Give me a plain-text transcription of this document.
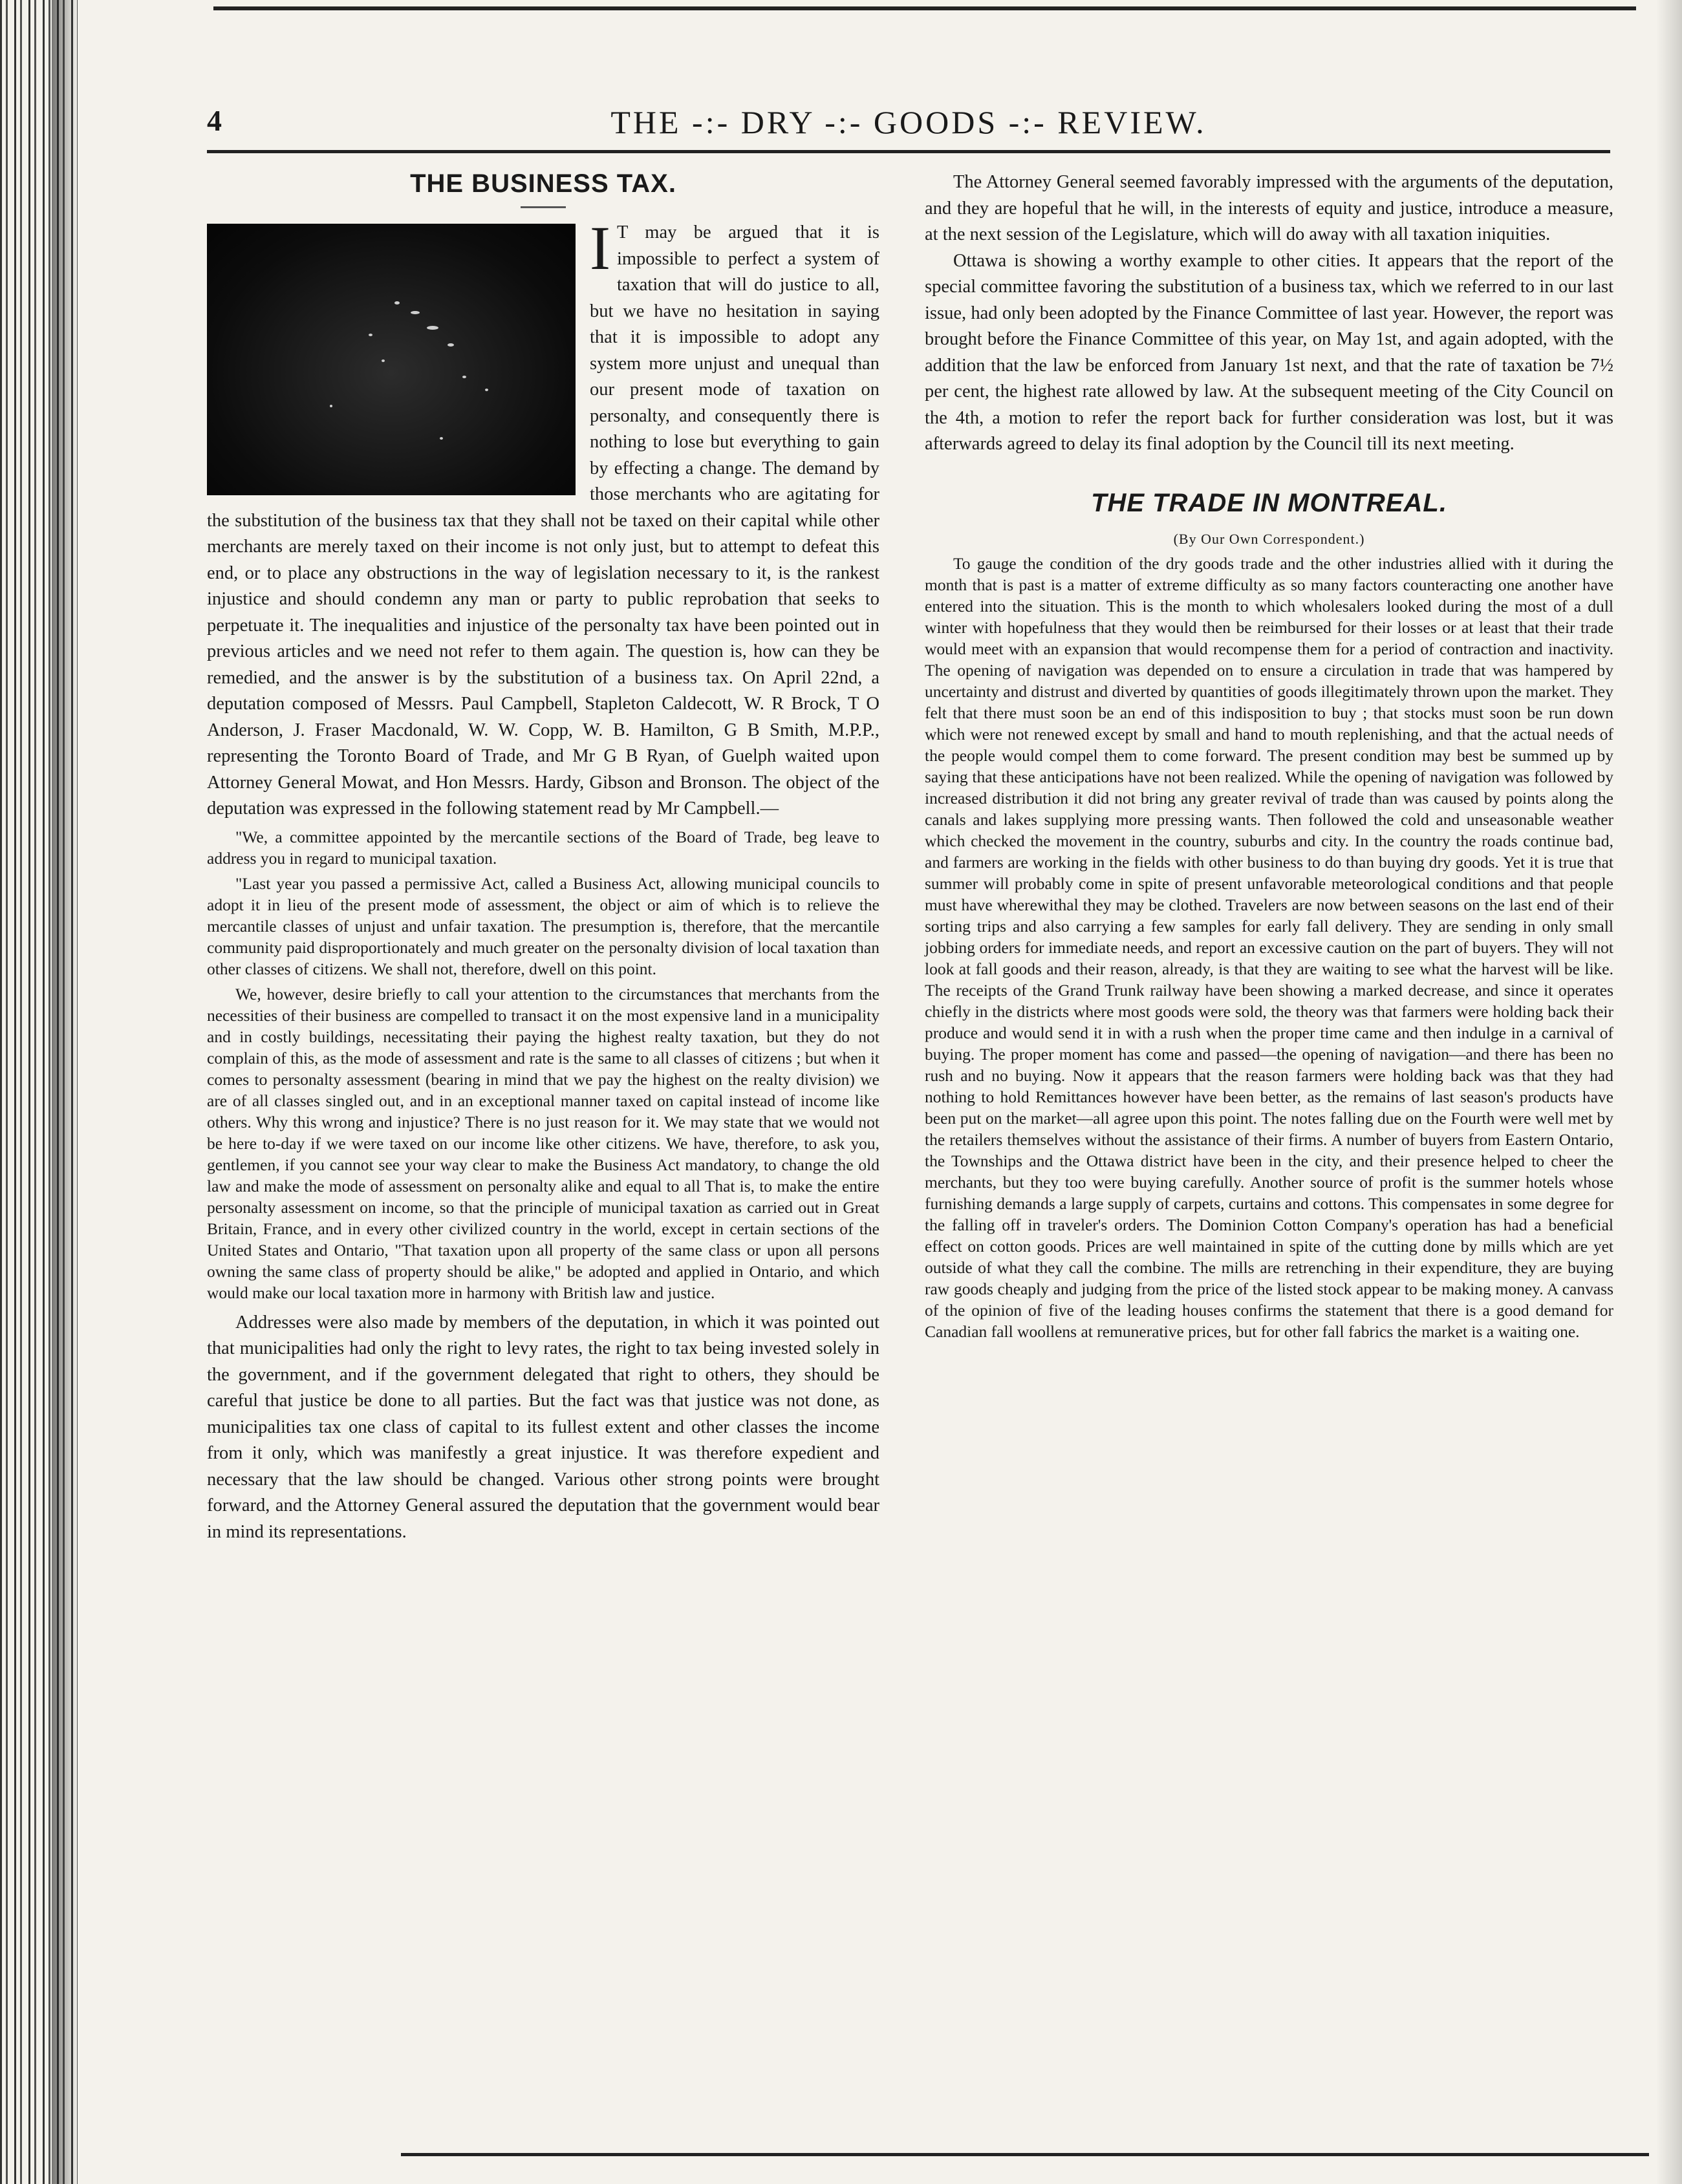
4	THE -:- DRY -:- GOODS -:- REVIEW.
THE BUSINESS TAX.
I T may be argued that it is impossible to perfect a system of taxation that will do justice to all, but we have no hesitation in saying that it is impossible to adopt any system more unjust and unequal than our present mode of taxation on personalty, and consequently there is nothing to lose but everything to gain by effecting a change. The demand by those merchants who are agitating for the substitution of the business tax that they shall not be taxed on their capital while other merchants are merely taxed on their income is not only just, but to attempt to defeat this end, or to place any obstructions in the way of legislation necessary to it, is the rankest injustice and should condemn any man or party to public reprobation that seeks to perpetuate it. The inequalities and injustice of the personalty tax have been pointed out in previous articles and we need not refer to them again. The question is, how can they be remedied, and the answer is by the substitution of a business tax. On April 22nd, a deputation composed of Messrs. Paul Campbell, Stapleton Caldecott, W. R Brock, T O Anderson, J. Fraser Macdonald, W. W. Copp, W. B. Hamilton, G B Smith, M.P.P., representing the Toronto Board of Trade, and Mr G B Ryan, of Guelph waited upon Attorney General Mowat, and Hon Messrs. Hardy, Gibson and Bronson. The object of the deputation was expressed in the following statement read by Mr Campbell.—

"We, a committee appointed by the mercantile sections of the Board of Trade, beg leave to address you in regard to municipal taxation.

"Last year you passed a permissive Act, called a Business Act, allowing municipal councils to adopt it in lieu of the present mode of assessment, the object or aim of which is to relieve the mercantile classes of unjust and unfair taxation. The presumption is, therefore, that the mercantile community paid disproportionately and much greater on the personalty division of local taxation than other classes of citizens. We shall not, therefore, dwell on this point.

We, however, desire briefly to call your attention to the circumstances that merchants from the necessities of their business are compelled to transact it on the most expensive land in a municipality and in costly buildings, necessitating their paying the highest realty taxation, but they do not complain of this, as the mode of assessment and rate is the same to all classes of citizens ; but when it comes to personalty assessment (bearing in mind that we pay the highest on the realty division) we are of all classes singled out, and in an exceptional manner taxed on capital instead of income like others. Why this wrong and injustice? There is no just reason for it. We may state that we would not be here to-day if we were taxed on our income like other citizens. We have, therefore, to ask you, gentlemen, if you cannot see your way clear to make the Business Act mandatory, to change the old law and make the mode of assessment on personalty alike and equal to all That is, to make the entire personalty assessment on income, so that the principle of municipal taxation as carried out in Great Britain, France, and in every other civilized country in the world, except in certain sections of the United States and Ontario, "That taxation upon all property of the same class or upon all persons owning the same class of property should be alike," be adopted and applied in Ontario, and which would make our local taxation more in harmony with British law and justice.

Addresses were also made by members of the deputation, in which it was pointed out that municipalities had only the right to levy rates, the right to tax being invested solely in the government, and if the government delegated that right to others, they should be careful that justice be done to all parties. But the fact was that justice was not done, as municipalities tax one class of capital to its fullest extent and other classes the income from it only, which was manifestly a great injustice. It was therefore expedient and necessary that the law should be changed. Various other strong points were brought forward, and the Attorney General assured the deputation that the government would bear in mind its representations.

The Attorney General seemed favorably impressed with the arguments of the deputation, and they are hopeful that he will, in the interests of equity and justice, introduce a measure, at the next session of the Legislature, which will do away with all taxation iniquities.

Ottawa is showing a worthy example to other cities. It appears that the report of the special committee favoring the substitution of a business tax, which we referred to in our last issue, had only been adopted by the Finance Committee of last year. However, the report was brought before the Finance Committee of this year, on May 1st, and again adopted, with the addition that the law be enforced from January 1st next, and that the rate of taxation be 7½ per cent, the highest rate allowed by law. At the subsequent meeting of the City Council on the 4th, a motion to refer the report back for further consideration was lost, but it was afterwards agreed to delay its final adoption by the Council till its next meeting.

THE TRADE IN MONTREAL.
(By Our Own Correspondent.)

To gauge the condition of the dry goods trade and the other industries allied with it during the month that is past is a matter of extreme difficulty as so many factors counteracting one another have entered into the situation. This is the month to which wholesalers looked during the most of a dull winter with hopefulness that they would then be reimbursed for their losses or at least that their trade would meet with an expansion that would recompense them for a period of contraction and inactivity. The opening of navigation was depended on to ensure a circulation in trade that was hampered by uncertainty and distrust and diverted by quantities of goods illegitimately thrown upon the market. They felt that there must soon be an end of this indisposition to buy ; that stocks must soon be run down which were not renewed except by small and hand to mouth replenishing, and that the actual needs of the people would compel them to come forward. The present condition may best be summed up by saying that these anticipations have not been realized. While the opening of navigation was followed by increased distribution it did not bring any greater revival of trade than was caused by points along the canals and lakes supplying more pressing wants. Then followed the cold and unseasonable weather which checked the movement in the country, suburbs and city. In the country the roads continue bad, and farmers are working in the fields with other business to do than buying dry goods. Yet it is true that summer will probably come in spite of present unfavorable meteorological conditions and that people must have wherewithal they may be clothed. Travelers are now between seasons on the last end of their sorting trips and also carrying a few samples for early fall delivery. They are sending in only small jobbing orders for immediate needs, and report an excessive caution on the part of buyers. They will not look at fall goods and their reason, already, is that they are waiting to see what the harvest will be like. The receipts of the Grand Trunk railway have been showing a marked decrease, and since it operates chiefly in the districts where most goods were sold, the theory was that farmers were holding back their produce and would send it in with a rush when the proper time came and then indulge in a carnival of buying. The proper moment has come and passed—the opening of navigation—and there has been no rush and no buying. Now it appears that the reason farmers were holding back was that they had nothing to hold Remittances however have been better, as the remains of last season's products have been put on the market—all agree upon this point. The notes falling due on the Fourth were well met by the retailers themselves without the assistance of their firms. A number of buyers from Eastern Ontario, the Townships and the Ottawa district have been in the city, and their presence helped to cheer the merchants, but they too were buying carefully. Another source of profit is the summer hotels whose furnishing demands a large supply of carpets, curtains and cottons. This compensates in some degree for the falling off in traveler's orders. The Dominion Cotton Company's operation has had a beneficial effect on cotton goods. Prices are well maintained in spite of the cutting done by mills which are yet outside of what they call the combine. The mills are retrenching in their expenditure, they are buying raw goods cheaply and judging from the price of the listed stock appear to be making money. A canvass of the opinion of five of the leading houses confirms the statement that there is a good demand for Canadian fall woollens at remunerative prices, but for other fall fabrics the market is a waiting one.
